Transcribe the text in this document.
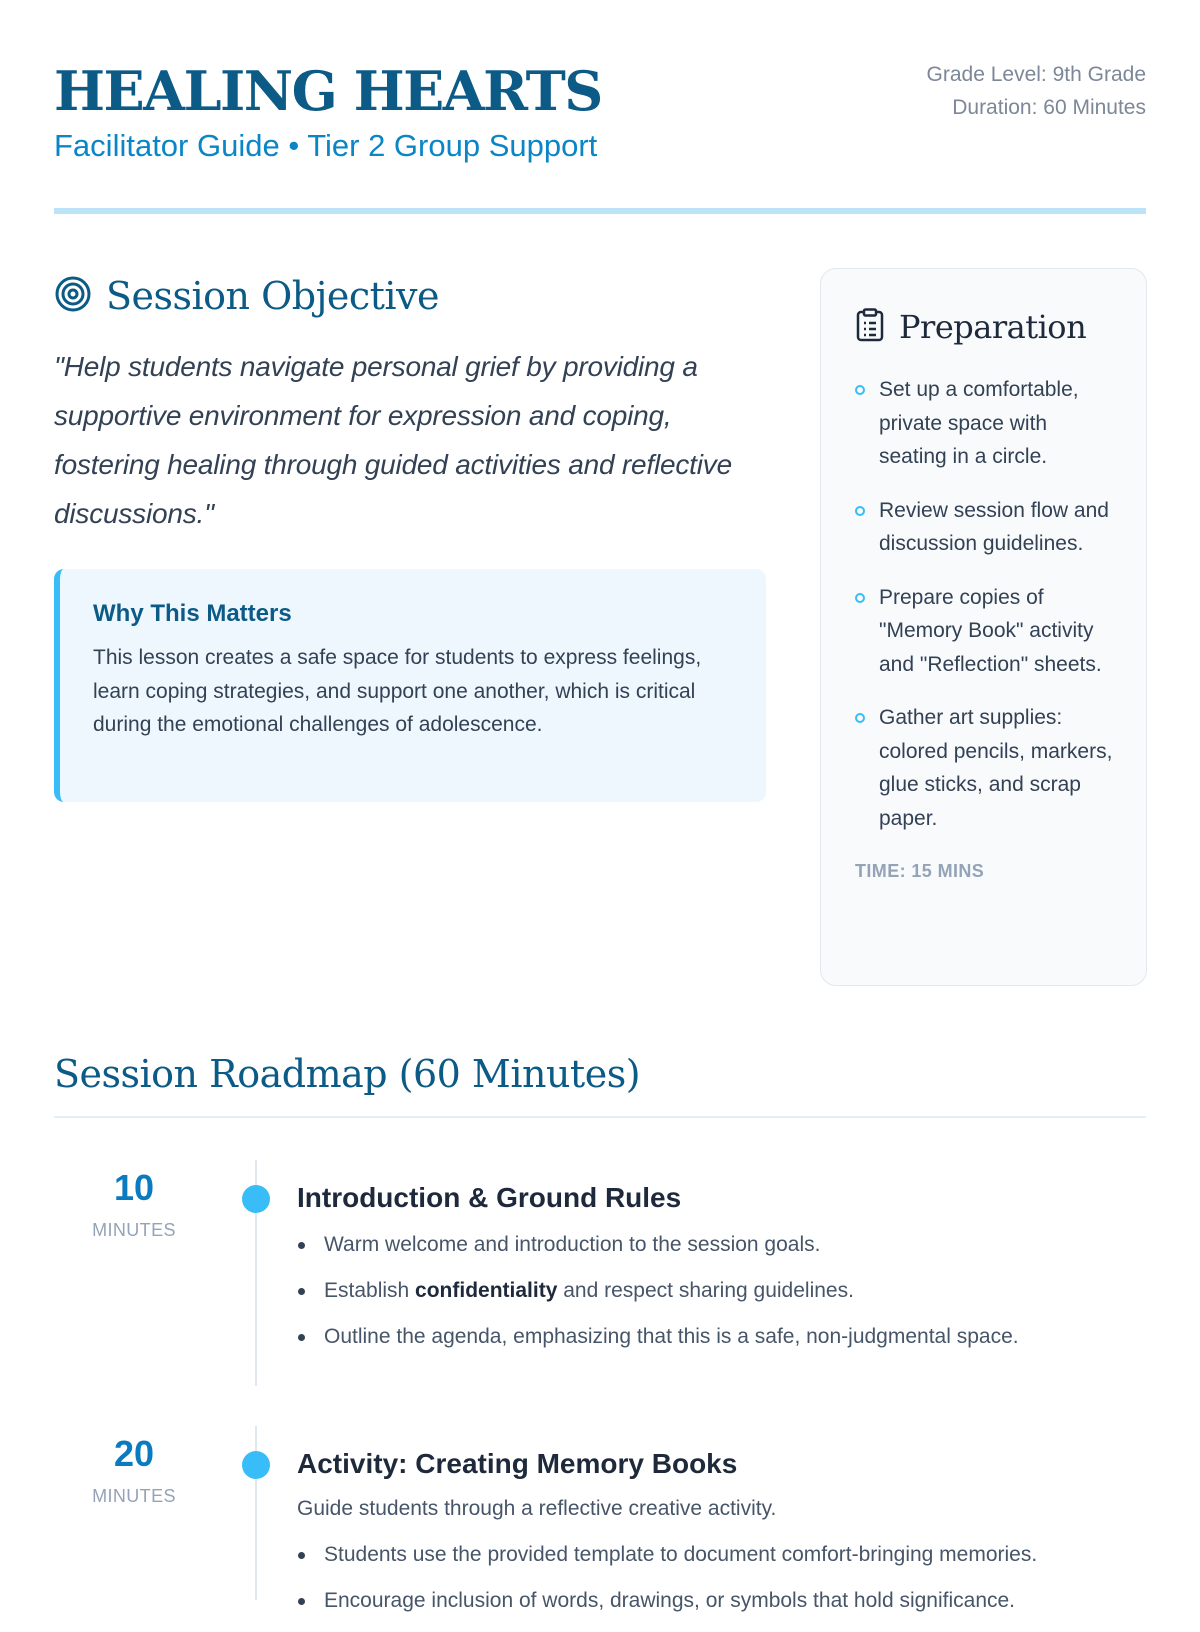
HEALING HEARTS
Facilitator Guide • Tier 2 Group Support
Grade Level: 9th Grade
Duration: 60 Minutes
Session Objective

"Help students navigate personal grief by providing a supportive environment for expression and coping, fostering healing through guided activities and reflective discussions."

Why This Matters

This lesson creates a safe space for students to express feelings, learn coping strategies, and support one another, which is critical during the emotional challenges of adolescence.

Preparation
Set up a comfortable, private space with seating in a circle.
Review session flow and discussion guidelines.
Prepare copies of "Memory Book" activity and "Reflection" sheets.
Gather art supplies: colored pencils, markers, glue sticks, and scrap paper.
TIME: 15 MINS
Session Roadmap (60 Minutes)
10
MINUTES
Introduction & Ground Rules
Warm welcome and introduction to the session goals.
Establish confidentiality and respect sharing guidelines.
Outline the agenda, emphasizing that this is a safe, non-judgmental space.
20
MINUTES
Activity: Creating Memory Books

Guide students through a reflective creative activity.

Students use the provided template to document comfort-bringing memories.
Encourage inclusion of words, drawings, or symbols that hold significance.
